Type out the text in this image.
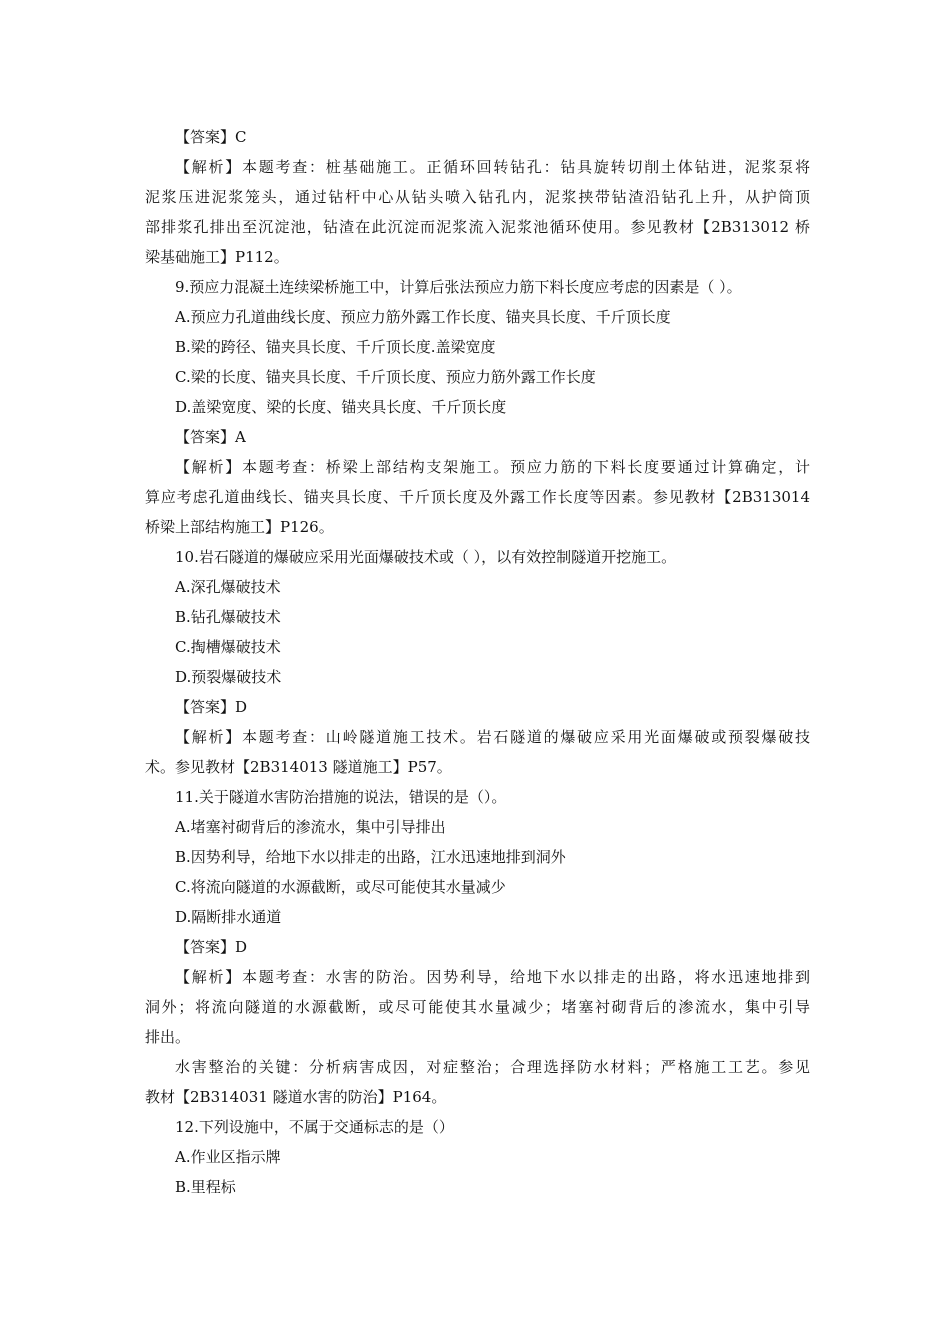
【答案】C
【解析】本题考查：桩基础施工。正循环回转钻孔：钻具旋转切削土体钻进，泥浆泵将
泥浆压进泥浆笼头，通过钻杆中心从钻头喷入钻孔内，泥浆挟带钻渣沿钻孔上升，从护筒顶
部排浆孔排出至沉淀池，钻渣在此沉淀而泥浆流入泥浆池循环使用。参见教材【2B313012 桥
梁基础施工】P112。
9.预应力混凝土连续梁桥施工中，计算后张法预应力筋下料长度应考虑的因素是（ ）。
A.预应力孔道曲线长度、预应力筋外露工作长度、锚夹具长度、千斤顶长度
B.梁的跨径、锚夹具长度、千斤顶长度.盖梁宽度
C.梁的长度、锚夹具长度、千斤顶长度、预应力筋外露工作长度
D.盖梁宽度、梁的长度、锚夹具长度、千斤顶长度
【答案】A
【解析】本题考查：桥梁上部结构支架施工。预应力筋的下料长度要通过计算确定，计
算应考虑孔道曲线长、锚夹具长度、千斤顶长度及外露工作长度等因素。参见教材【2B313014
桥梁上部结构施工】P126。
10.岩石隧道的爆破应采用光面爆破技术或（ ），以有效控制隧道开挖施工。
A.深孔爆破技术
B.钻孔爆破技术
C.掏槽爆破技术
D.预裂爆破技术
【答案】D
【解析】本题考查：山岭隧道施工技术。岩石隧道的爆破应采用光面爆破或预裂爆破技
术。参见教材【2B314013 隧道施工】P57。
11.关于隧道水害防治措施的说法，错误的是（）。
A.堵塞衬砌背后的渗流水，集中引导排出
B.因势利导，给地下水以排走的出路，江水迅速地排到洞外
C.将流向隧道的水源截断，或尽可能使其水量减少
D.隔断排水通道
【答案】D
【解析】本题考查：水害的防治。因势利导，给地下水以排走的出路，将水迅速地排到
洞外；将流向隧道的水源截断，或尽可能使其水量减少；堵塞衬砌背后的渗流水，集中引导
排出。
水害整治的关键：分析病害成因，对症整治；合理选择防水材料；严格施工工艺。参见
教材【2B314031 隧道水害的防治】P164。
12.下列设施中，不属于交通标志的是（）
A.作业区指示牌
B.里程标
